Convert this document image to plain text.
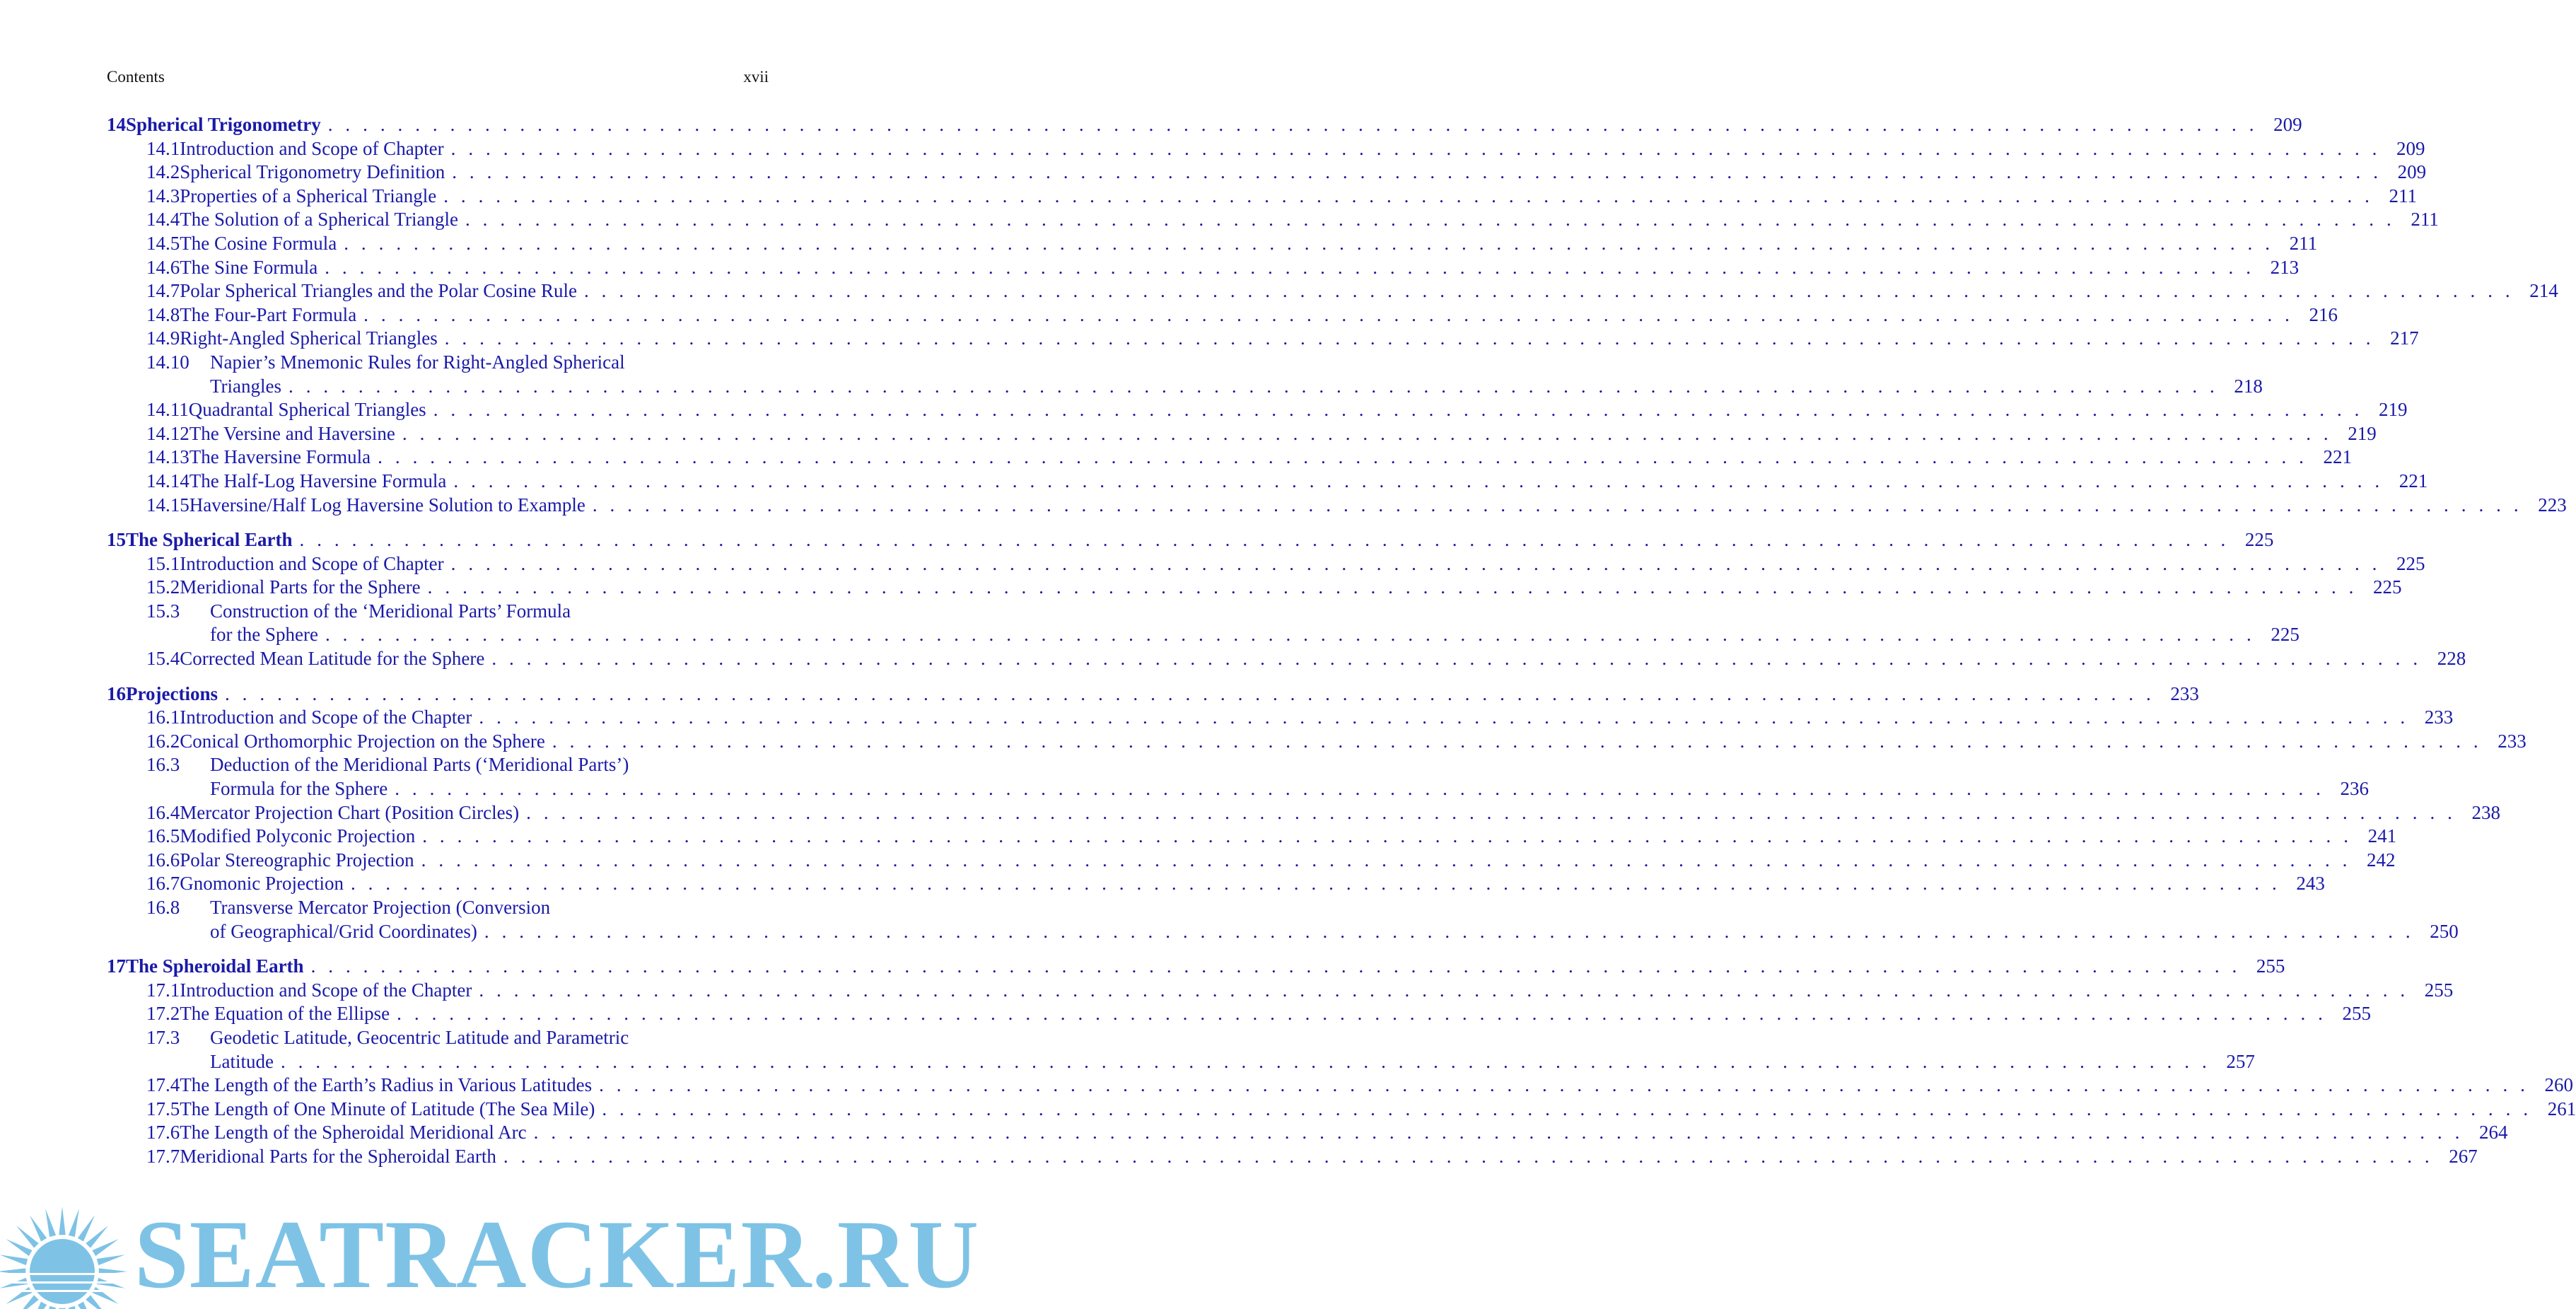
Contents	xvii
14 Spherical Trigonometry . . .	209
14.1 Introduction and Scope of Chapter . . .	209
14.2 Spherical Trigonometry Definition . . .	209
14.3 Properties of a Spherical Triangle . . .	211
14.4 The Solution of a Spherical Triangle . . .	211
14.5 The Cosine Formula . . .	211
14.6 The Sine Formula . . .	213
14.7 Polar Spherical Triangles and the Polar Cosine Rule . . .	214
14.8 The Four-Part Formula . . .	216
14.9 Right-Angled Spherical Triangles . . .	217
14.10	Napier’s Mnemonic Rules for Right-Angled Spherical
Triangles . . .	218
14.11 Quadrantal Spherical Triangles . . .	219
14.12 The Versine and Haversine . . .	219
14.13 The Haversine Formula . . .	221
14.14 The Half-Log Haversine Formula . . .	221
14.15 Haversine/Half Log Haversine Solution to Example . . .	223
15 The Spherical Earth . . .	225
15.1 Introduction and Scope of Chapter . . .	225
15.2 Meridional Parts for the Sphere . . .	225
15.3	Construction of the ‘Meridional Parts’ Formula
for the Sphere . . .	225
15.4 Corrected Mean Latitude for the Sphere . . .	228
16 Projections . . .	233
16.1 Introduction and Scope of the Chapter . . .	233
16.2 Conical Orthomorphic Projection on the Sphere . . .	233
16.3	Deduction of the Meridional Parts (‘Meridional Parts’)
Formula for the Sphere . . .	236
16.4 Mercator Projection Chart (Position Circles) . . .	238
16.5 Modified Polyconic Projection . . .	241
16.6 Polar Stereographic Projection . . .	242
16.7 Gnomonic Projection . . .	243
16.8	Transverse Mercator Projection (Conversion
of Geographical/Grid Coordinates) . . .	250
17 The Spheroidal Earth . . .	255
17.1 Introduction and Scope of the Chapter . . .	255
17.2 The Equation of the Ellipse . . .	255
17.3	Geodetic Latitude, Geocentric Latitude and Parametric
Latitude . . .	257
17.4 The Length of the Earth’s Radius in Various Latitudes . . .	260
17.5 The Length of One Minute of Latitude (The Sea Mile) . . .	261
17.6 The Length of the Spheroidal Meridional Arc . . .	264
17.7 Meridional Parts for the Spheroidal Earth . . .	267
SEATRACKER.RU
